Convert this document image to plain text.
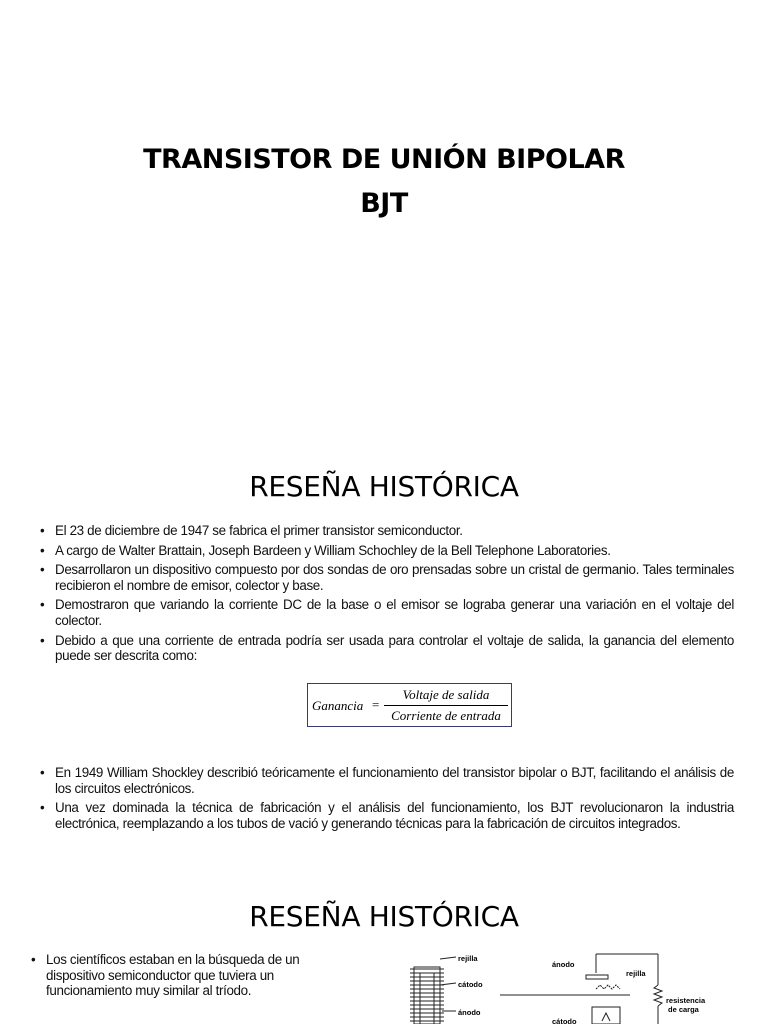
TRANSISTOR DE UNIÓN BIPOLAR
BJT
RESEÑA HISTÓRICA
• El 23 de diciembre de 1947 se fabrica el primer transistor semiconductor.
• A cargo de Walter Brattain, Joseph Bardeen y William Schochley de la Bell Telephone Laboratories.
• Desarrollaron un dispositivo compuesto por dos sondas de oro prensadas sobre un cristal de germanio. Tales terminales recibieron el nombre de emisor, colector y base.
• Demostraron que variando la corriente DC de la base o el emisor se lograba generar una variación en el voltaje del colector.
• Debido a que una corriente de entrada podría ser usada para controlar el voltaje de salida, la ganancia del elemento puede ser descrita como:
Ganancia =
Voltaje de salida
Corriente de entrada
• En 1949 William Shockley describió teóricamente el funcionamiento del transistor bipolar o BJT, facilitando el análisis de los circuitos electrónicos.
• Una vez dominada la técnica de fabricación y el análisis del funcionamiento, los BJT revolucionaron la industria electrónica, reemplazando a los tubos de vació y generando técnicas para la fabricación de circuitos integrados.
RESEÑA HISTÓRICA
• Los científicos estaban en la búsqueda de un dispositivo semiconductor que tuviera un funcionamiento muy similar al tríodo.
rejilla
cátodo
ánodo
ánodo
rejilla
resistencia
de carga
cátodo
